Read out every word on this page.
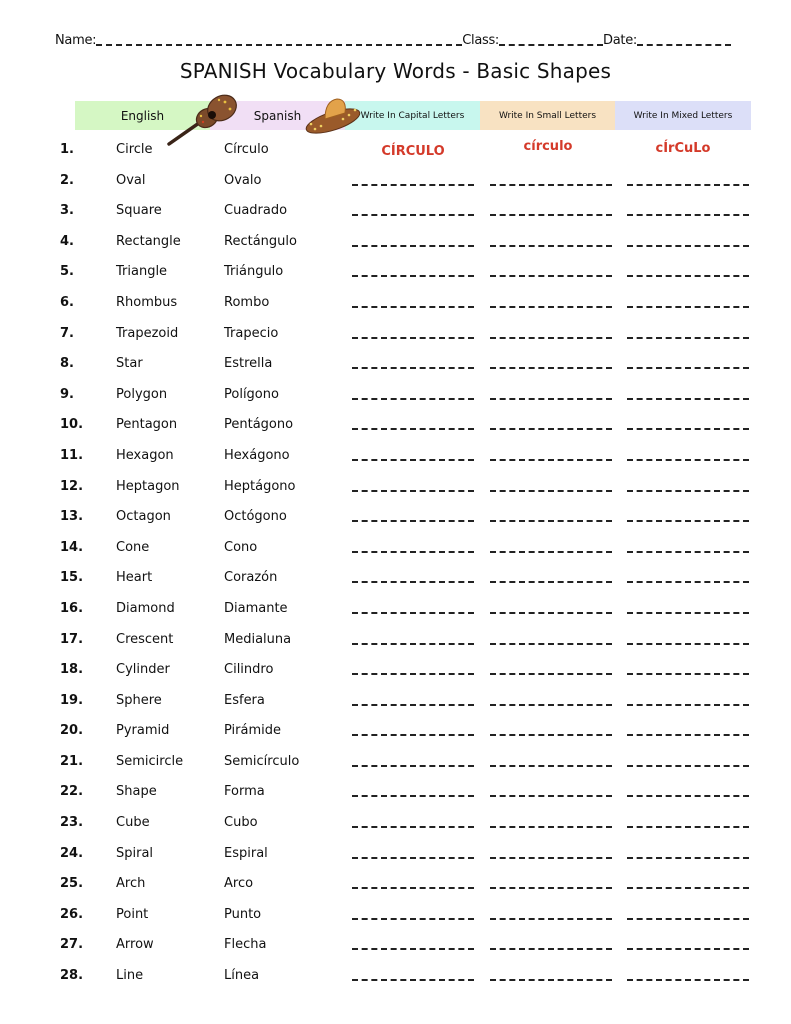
Name:	Class:	Date:
SPANISH Vocabulary Words - Basic Shapes
English	Spanish	Write In Capital Letters	Write In Small Letters	Write In Mixed Letters
1.	Circle	Círculo	CÍRCULO	círculo	cÍrCuLo
2.	Oval	Ovalo
3.	Square	Cuadrado
4.	Rectangle	Rectángulo
5.	Triangle	Triángulo
6.	Rhombus	Rombo
7.	Trapezoid	Trapecio
8.	Star	Estrella
9.	Polygon	Polígono
10.	Pentagon	Pentágono
11.	Hexagon	Hexágono
12.	Heptagon	Heptágono
13.	Octagon	Octógono
14.	Cone	Cono
15.	Heart	Corazón
16.	Diamond	Diamante
17.	Crescent	Medialuna
18.	Cylinder	Cilindro
19.	Sphere	Esfera
20.	Pyramid	Pirámide
21.	Semicircle	Semicírculo
22.	Shape	Forma
23.	Cube	Cubo
24.	Spiral	Espiral
25.	Arch	Arco
26.	Point	Punto
27.	Arrow	Flecha
28.	Line	Línea
